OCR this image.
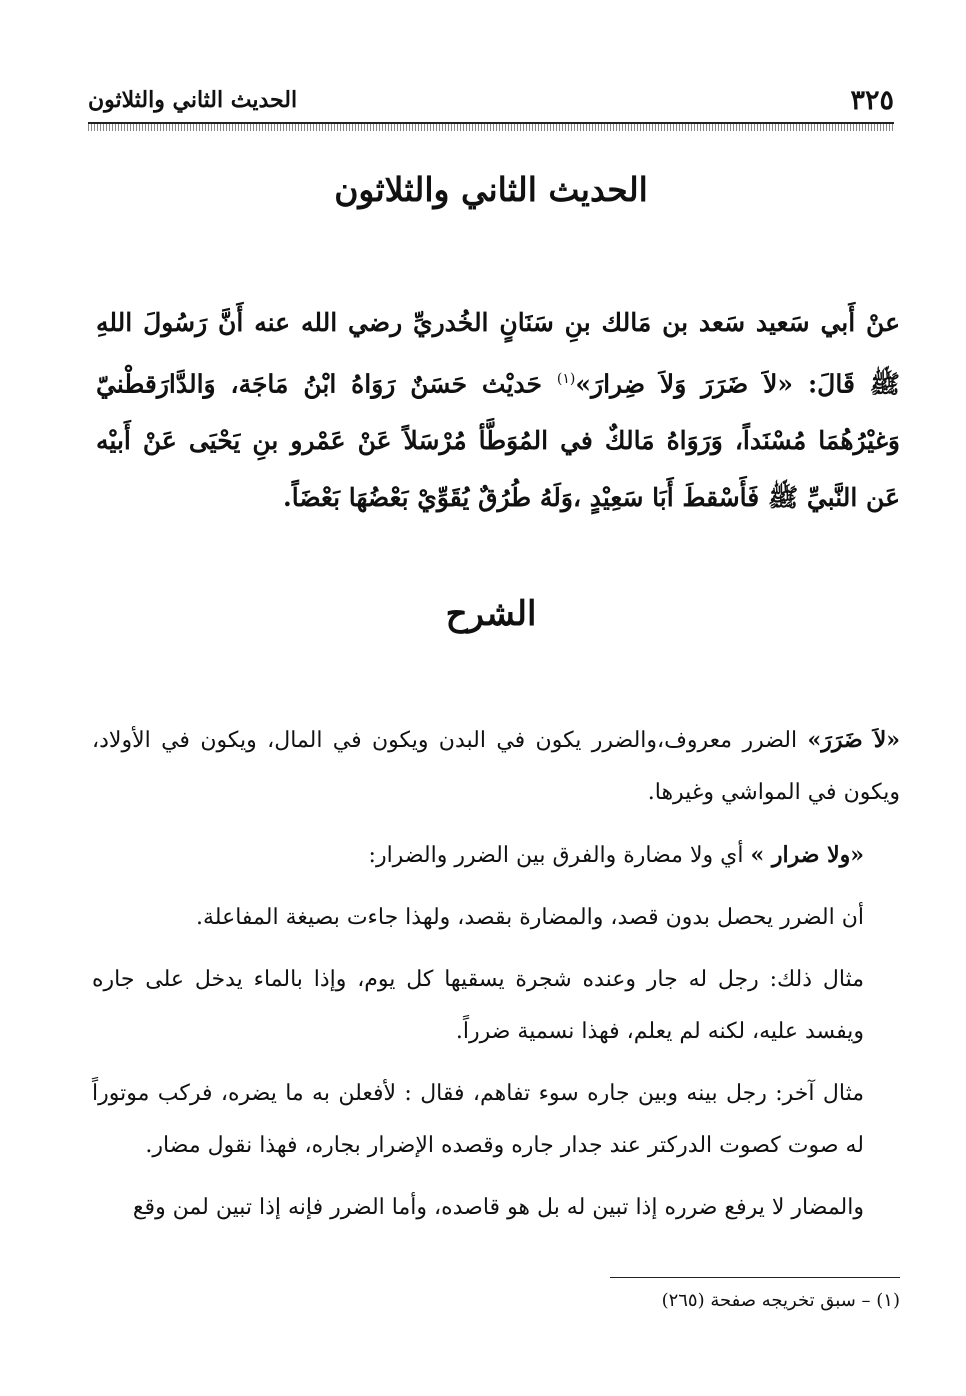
٣٢٥
الحديث الثاني والثلاثون
الحديث الثاني والثلاثون

عنْ أَبي سَعيد سَعد بن مَالك بنِ سَنَانٍ الخُدريِّ رضي الله عنه أَنَّ رَسُولَ اللهِ ﷺ قَالَ: «لاَ ضَرَرَ وَلاَ ضِرارَ»$^{(١)}$ حَديْث حَسَنٌ رَوَاهُ ابْنُ مَاجَة، وَالدَّارَقطْنيّ وَغيْرُهُمَا مُسْنَداً، وَرَوَاهُ مَالكٌ في المُوَطَّأ مُرْسَلاً عَنْ عَمْرو بنِ يَحْيَى عَنْ أَبيْه عَن النَّبيِّ ﷺ فَأَسْقطَ أَبَا سَعِيْدٍ ،وَلَهُ طُرُقٌ يُقَوِّيْ بَعْضُهَا بَعْضَاً.

الشرح

«لاَ ضَرَرَ» الضرر معروف،والضرر يكون في البدن ويكون في المال، ويكون في الأولاد، ويكون في المواشي وغيرها.

«ولا ضرار » أي ولا مضارة والفرق بين الضرر والضرار:

أن الضرر يحصل بدون قصد، والمضارة بقصد، ولهذا جاءت بصيغة المفاعلة.

مثال ذلك: رجل له جار وعنده شجرة يسقيها كل يوم، وإذا بالماء يدخل على جاره ويفسد عليه، لكنه لم يعلم، فهذا نسمية ضرراً.

مثال آخر: رجل بينه وبين جاره سوء تفاهم، فقال : لأفعلن به ما يضره، فركب موتوراً له صوت كصوت الدركتر عند جدار جاره وقصده الإضرار بجاره، فهذا نقول مضار.

والمضار لا يرفع ضرره إذا تبين له بل هو قاصده، وأما الضرر فإنه إذا تبين لمن وقع

(١) – سبق تخريجه صفحة (٢٦٥)
